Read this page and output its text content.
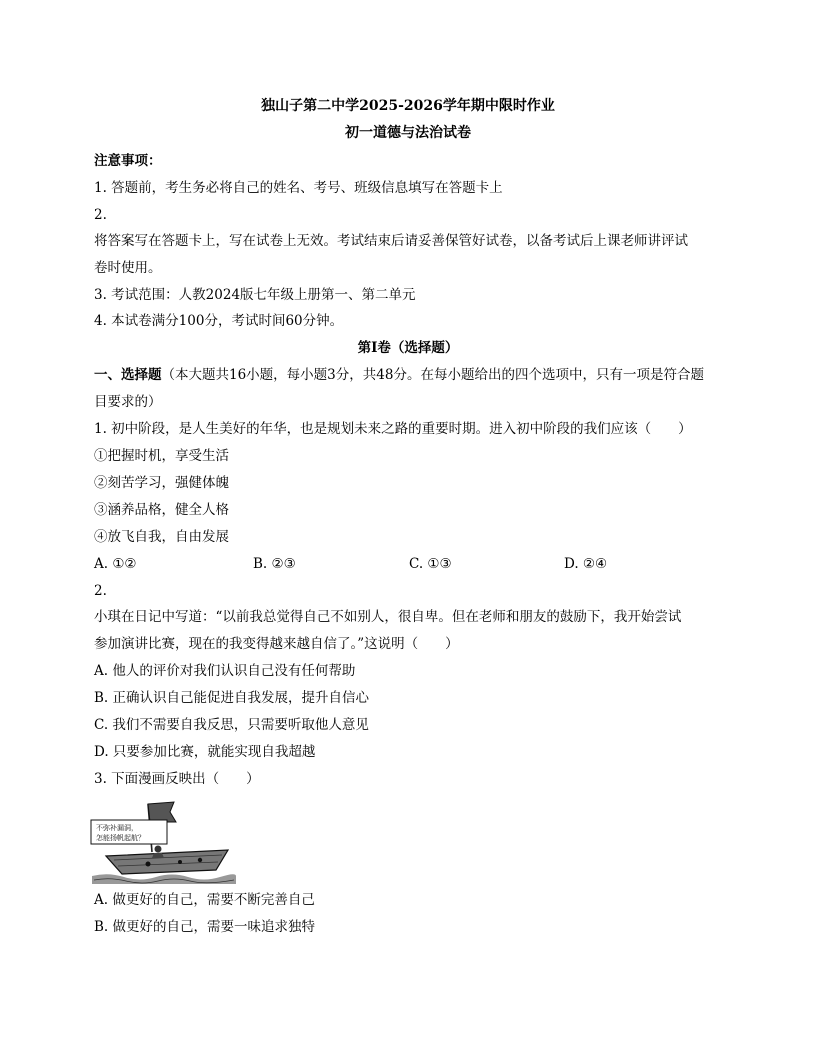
独山子第二中学2025-2026学年期中限时作业
初一道德与法治试卷
注意事项：
1. 答题前，考生务必将自己的姓名、考号、班级信息填写在答题卡上
2.
将答案写在答题卡上，写在试卷上无效。考试结束后请妥善保管好试卷，以备考试后上课老师讲评试
卷时使用。
3. 考试范围：人教2024版七年级上册第一、第二单元
4. 本试卷满分100分，考试时间60分钟。
第Ⅰ卷（选择题）
一、选择题（本大题共16小题，每小题3分，共48分。在每小题给出的四个选项中，只有一项是符合题
目要求的）
1. 初中阶段，是人生美好的年华，也是规划未来之路的重要时期。进入初中阶段的我们应该（　　）
①把握时机，享受生活
②刻苦学习，强健体魄
③涵养品格，健全人格
④放飞自我，自由发展
A. ①②	B. ②③	C. ①③	D. ②④
2.
小琪在日记中写道：“以前我总觉得自己不如别人，很自卑。但在老师和朋友的鼓励下，我开始尝试
参加演讲比赛，现在的我变得越来越自信了。”这说明（　　）
A. 他人的评价对我们认识自己没有任何帮助
B. 正确认识自己能促进自我发展，提升自信心
C. 我们不需要自我反思，只需要听取他人意见
D. 只要参加比赛，就能实现自我超越
3. 下面漫画反映出（　　）
不弥补漏洞，
怎能扬帆起航？
A. 做更好的自己，需要不断完善自己
B. 做更好的自己，需要一味追求独特
